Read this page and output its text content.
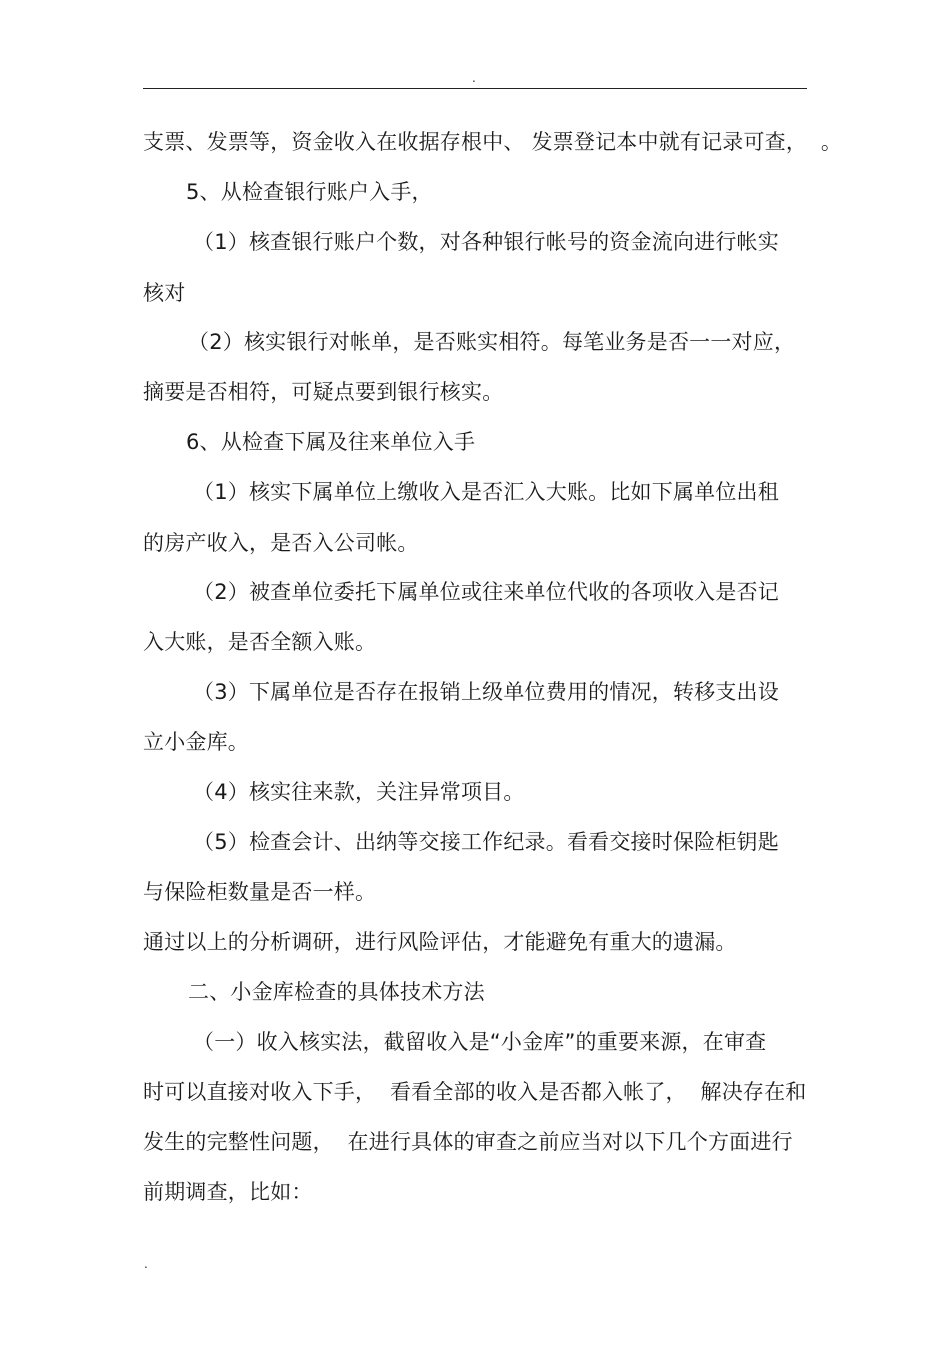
.
支票、发票等，资金收入在收据存根中、 发票登记本中就有记录可查，  。
5、从检查银行账户入手，
（1）核查银行账户个数，对各种银行帐号的资金流向进行帐实
核对
（2）核实银行对帐单，是否账实相符。每笔业务是否一一对应，
摘要是否相符，可疑点要到银行核实。
6、从检查下属及往来单位入手
（1）核实下属单位上缴收入是否汇入大账。比如下属单位出租
的房产收入，是否入公司帐。
（2）被查单位委托下属单位或往来单位代收的各项收入是否记
入大账，是否全额入账。
（3）下属单位是否存在报销上级单位费用的情况，转移支出设
立小金库。
（4）核实往来款，关注异常项目。
（5）检查会计、出纳等交接工作纪录。看看交接时保险柜钥匙
与保险柜数量是否一样。
通过以上的分析调研，进行风险评估，才能避免有重大的遗漏。
二、小金库检查的具体技术方法
（一）收入核实法，截留收入是“小金库”的重要来源，在审查
时可以直接对收入下手，  看看全部的收入是否都入帐了，  解决存在和
发生的完整性问题，  在进行具体的审查之前应当对以下几个方面进行
前期调查，比如：
.
